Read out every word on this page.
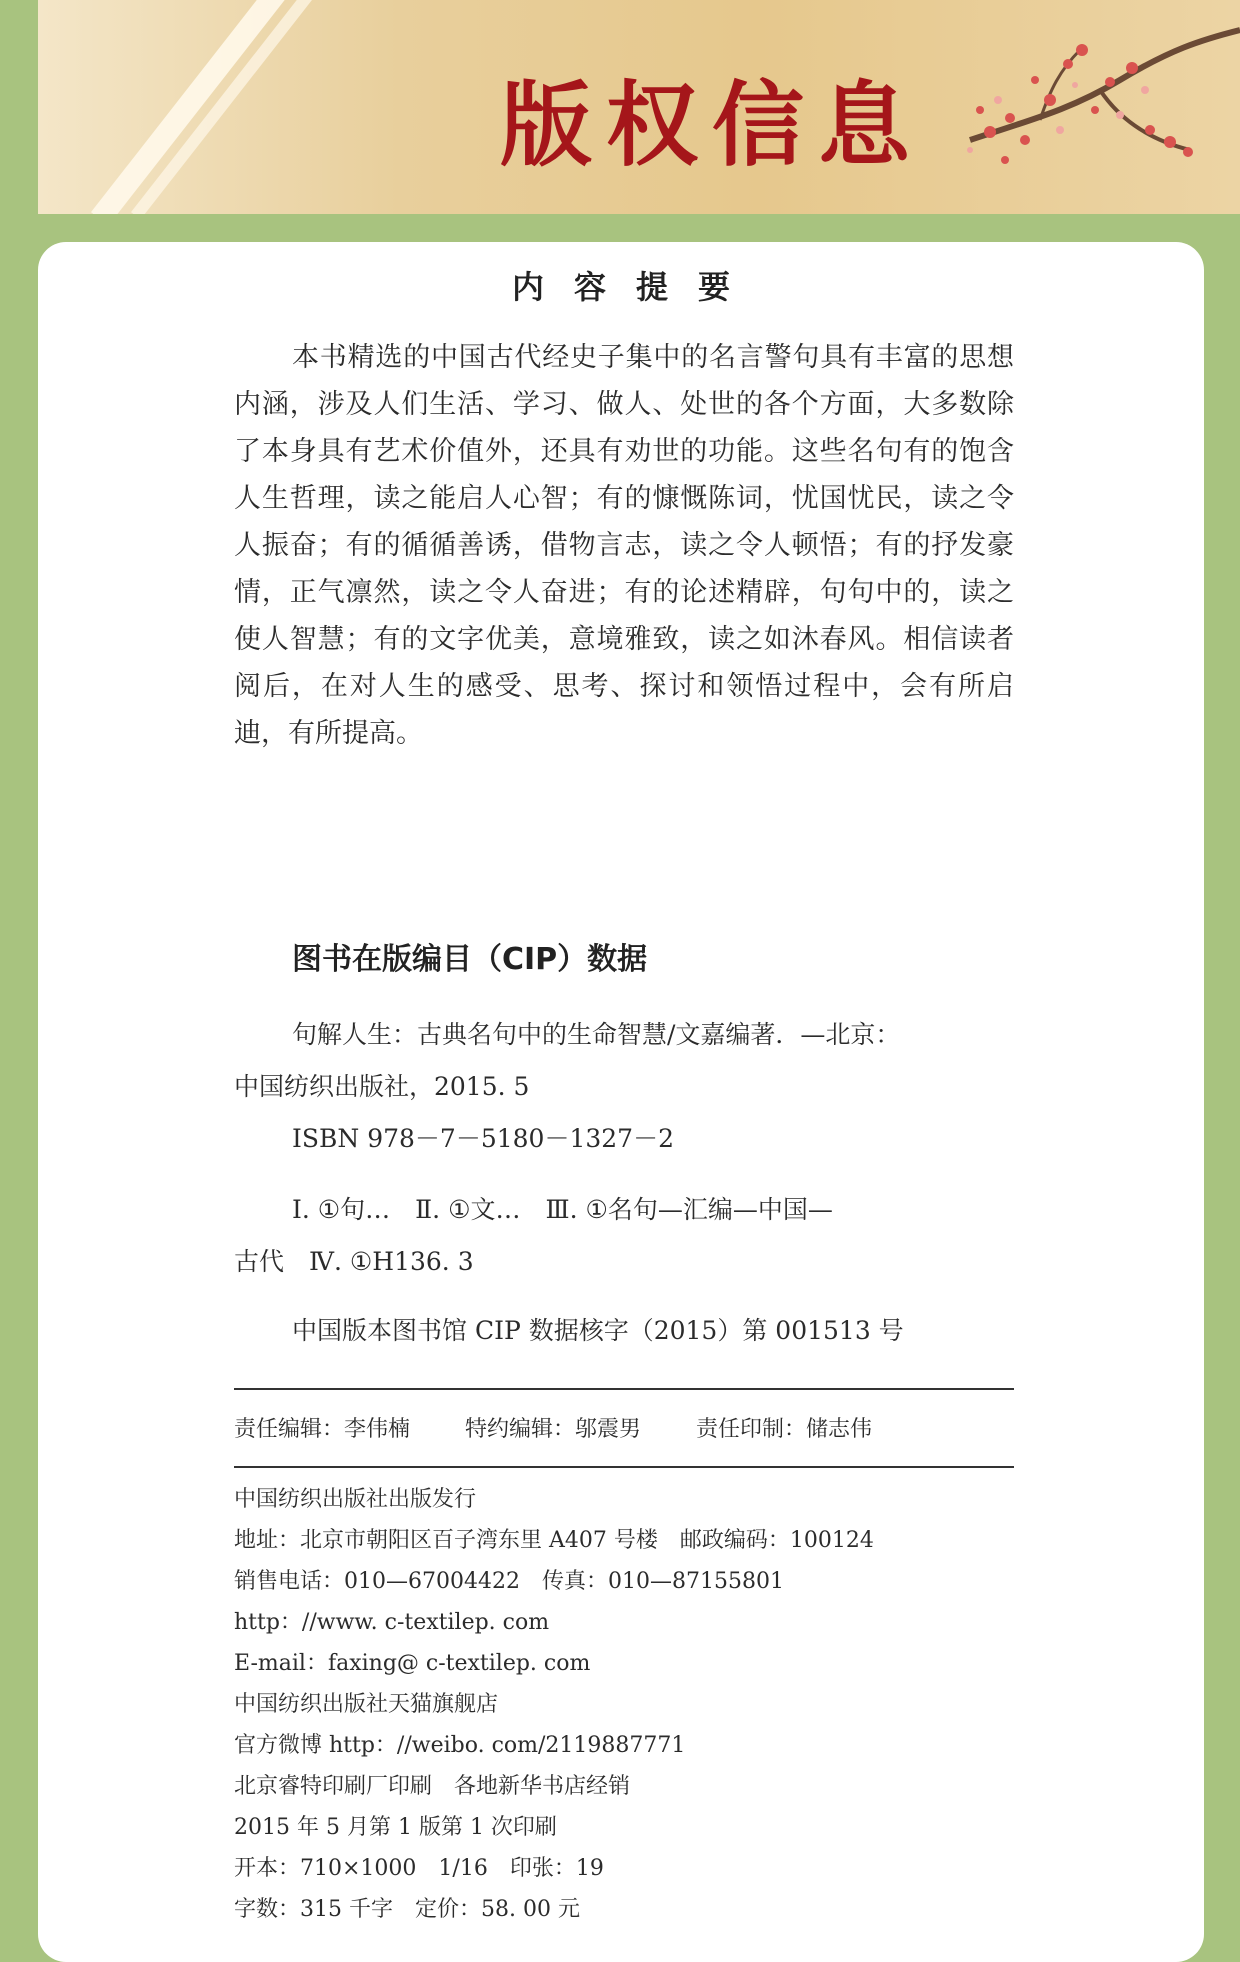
版权信息
内容提要

本书精选的中国古代经史子集中的名言警句具有丰富的思想内涵，涉及人们生活、学习、做人、处世的各个方面，大多数除了本身具有艺术价值外，还具有劝世的功能。这些名句有的饱含人生哲理，读之能启人心智；有的慷慨陈词，忧国忧民，读之令人振奋；有的循循善诱，借物言志，读之令人顿悟；有的抒发豪情，正气凛然，读之令人奋进；有的论述精辟，句句中的，读之使人智慧；有的文字优美，意境雅致，读之如沐春风。相信读者阅后，在对人生的感受、思考、探讨和领悟过程中，会有所启迪，有所提高。

图书在版编目（CIP）数据
句解人生：古典名句中的生命智慧/文嘉编著．—北京：
中国纺织出版社，2015. 5
ISBN 978－7－5180－1327－2
Ⅰ. ①句…　Ⅱ. ①文…　Ⅲ. ①名句—汇编—中国—
古代　Ⅳ. ①H136. 3
中国版本图书馆 CIP 数据核字（2015）第 001513 号
责任编辑：李伟楠	特约编辑：邬震男	责任印制：储志伟
中国纺织出版社出版发行
地址：北京市朝阳区百子湾东里 A407 号楼　邮政编码：100124
销售电话：010—67004422　传真：010—87155801
http：//www. c-textilep. com
E-mail：faxing@ c-textilep. com
中国纺织出版社天猫旗舰店
官方微博 http：//weibo. com/2119887771
北京睿特印刷厂印刷　各地新华书店经销
2015 年 5 月第 1 版第 1 次印刷
开本：710×1000　1/16　印张：19
字数：315 千字　定价：58. 00 元
